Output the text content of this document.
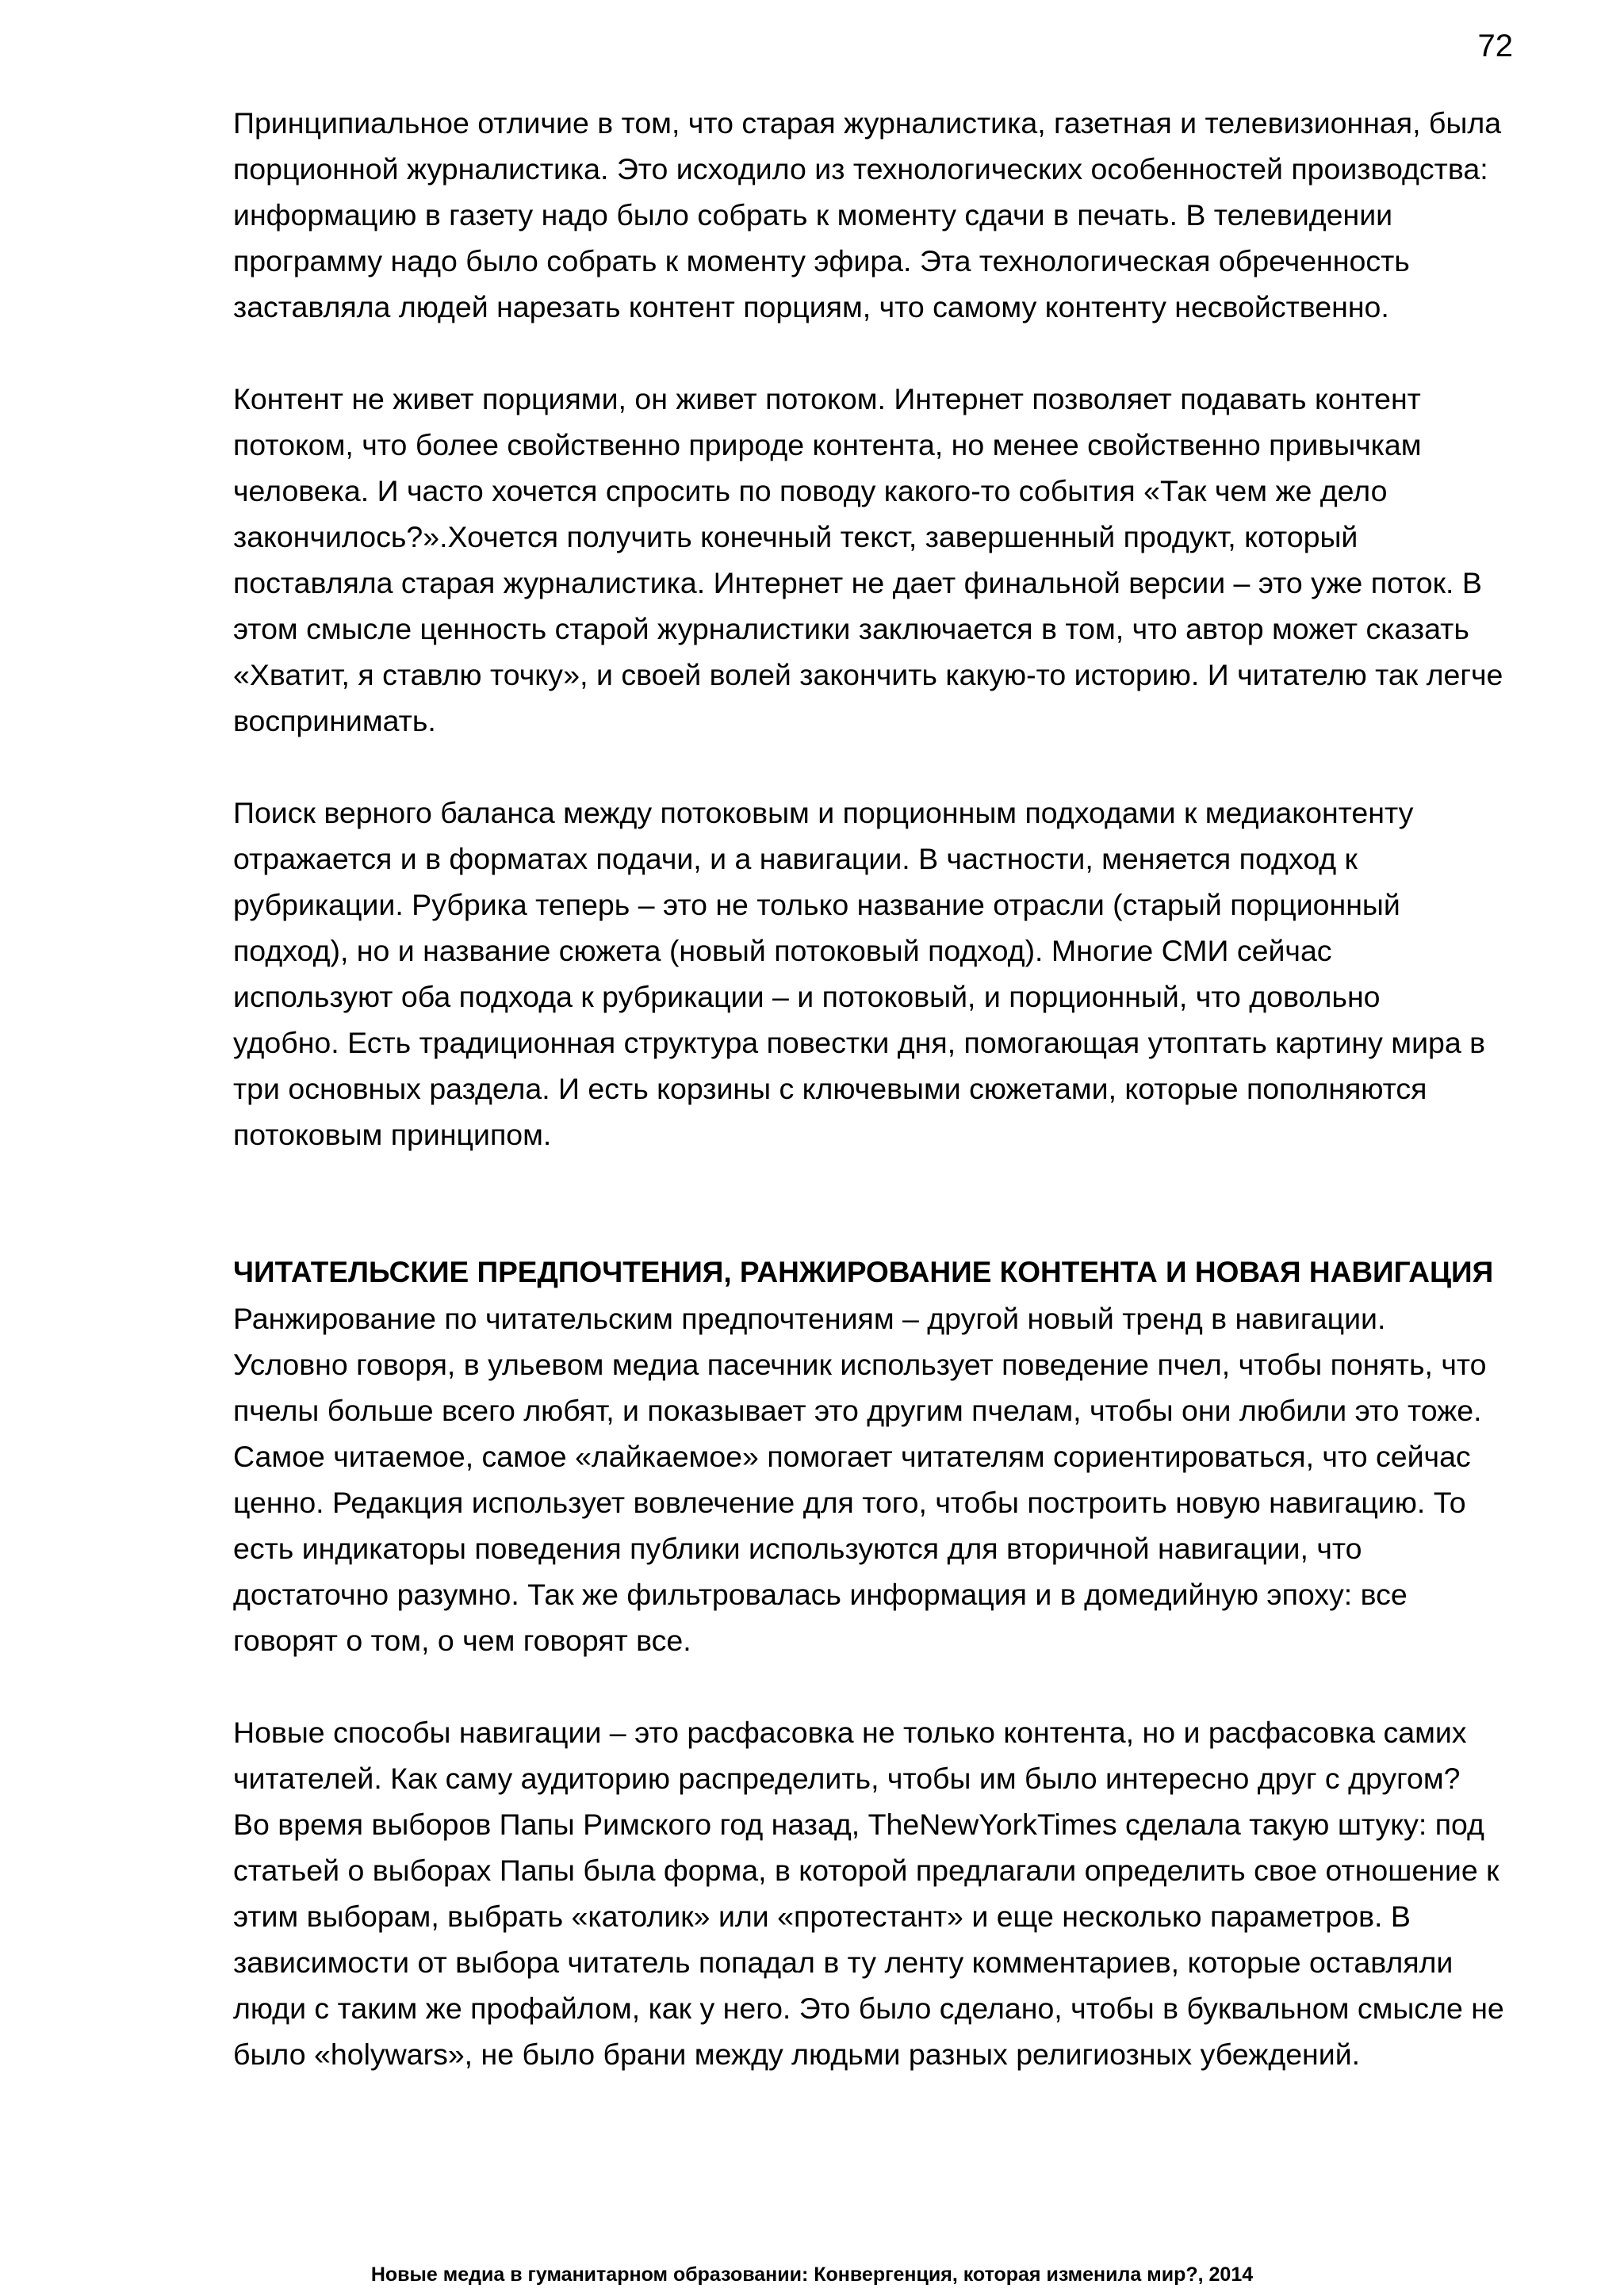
72

Принципиальное отличие в том, что старая журналистика, газетная и телевизионная, была
порционной журналистика. Это исходило из технологических особенностей производства:
информацию в газету надо было собрать к моменту сдачи в печать. В телевидении
программу надо было собрать к моменту эфира. Эта технологическая обреченность
заставляла людей нарезать контент порциям, что самому контенту несвойственно.

Контент не живет порциями, он живет потоком. Интернет позволяет подавать контент
потоком, что более свойственно природе контента, но менее свойственно привычкам
человека. И часто хочется спросить по поводу какого-то события «Так чем же дело
закончилось?».Хочется получить конечный текст, завершенный продукт, который
поставляла старая журналистика. Интернет не дает финальной версии – это уже поток. В
этом смысле ценность старой журналистики заключается в том, что автор может сказать
«Хватит, я ставлю точку», и своей волей закончить какую-то историю. И читателю так легче
воспринимать.

Поиск верного баланса между потоковым и порционным подходами к медиаконтенту
отражается и в форматах подачи, и а навигации. В частности, меняется подход к
рубрикации. Рубрика теперь – это не только название отрасли (старый порционный
подход), но и название сюжета (новый потоковый подход). Многие СМИ сейчас
используют оба подхода к рубрикации – и потоковый, и порционный, что довольно
удобно. Есть традиционная структура повестки дня, помогающая утоптать картину мира в
три основных раздела. И есть корзины с ключевыми сюжетами, которые пополняются
потоковым принципом.

ЧИТАТЕЛЬСКИЕ ПРЕДПОЧТЕНИЯ, РАНЖИРОВАНИЕ КОНТЕНТА И НОВАЯ НАВИГАЦИЯ

Ранжирование по читательским предпочтениям – другой новый тренд в навигации.
Условно говоря, в ульевом медиа пасечник использует поведение пчел, чтобы понять, что
пчелы больше всего любят, и показывает это другим пчелам, чтобы они любили это тоже.
Самое читаемое, самое «лайкаемое» помогает читателям сориентироваться, что сейчас
ценно. Редакция использует вовлечение для того, чтобы построить новую навигацию. То
есть индикаторы поведения публики используются для вторичной навигации, что
достаточно разумно. Так же фильтровалась информация и в домедийную эпоху: все
говорят о том, о чем говорят все.

Новые способы навигации – это расфасовка не только контента, но и расфасовка самих
читателей. Как саму аудиторию распределить, чтобы им было интересно друг с другом?
Во время выборов Папы Римского год назад, TheNewYorkTimes сделала такую штуку: под
статьей о выборах Папы была форма, в которой предлагали определить свое отношение к
этим выборам, выбрать «католик» или «протестант» и еще несколько параметров. В
зависимости от выбора читатель попадал в ту ленту комментариев, которые оставляли
люди с таким же профайлом, как у него. Это было сделано, чтобы в буквальном смысле не
было «holywars», не было брани между людьми разных религиозных убеждений.

Новые медиа в гуманитарном образовании: Конвергенция, которая изменила мир?, 2014
